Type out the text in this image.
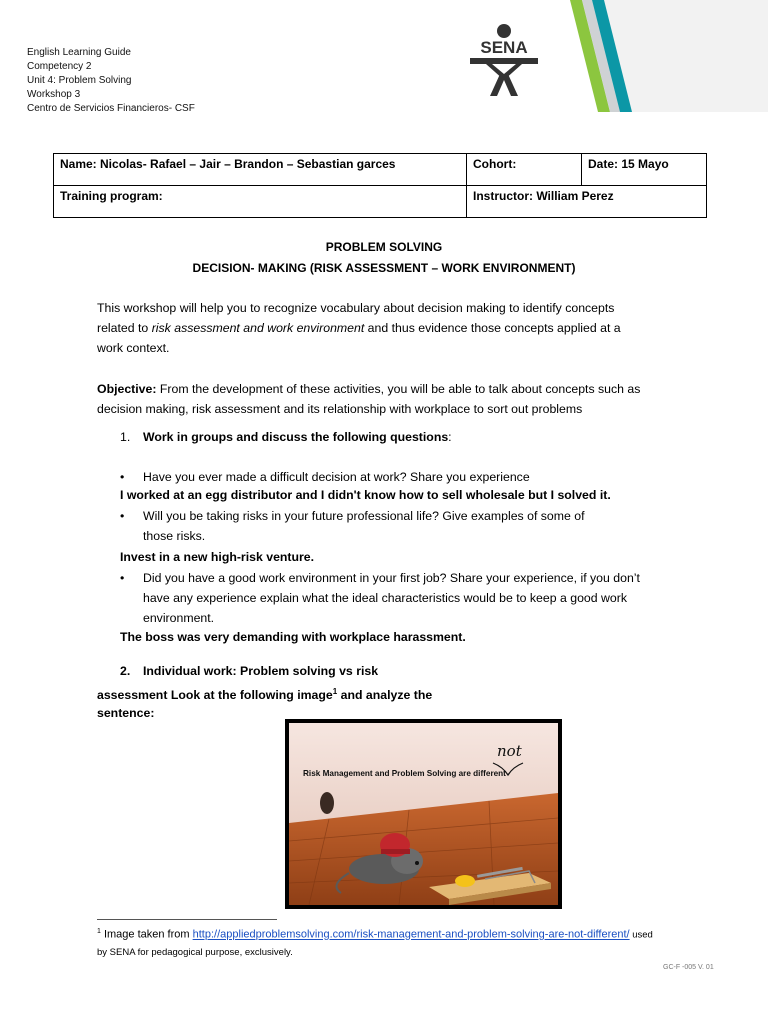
English Learning Guide
Competency 2
Unit 4: Problem Solving
Workshop 3
Centro de Servicios Financieros- CSF
SENA
Name: Nicolas- Rafael – Jair – Brandon – Sebastian garces	Cohort:	Date: 15 Mayo
Training program:	Instructor: William Perez	
PROBLEM SOLVING
DECISION- MAKING (RISK ASSESSMENT – WORK ENVIRONMENT)
This workshop will help you to recognize vocabulary about decision making to identify concepts related to risk assessment and work environment and thus evidence those concepts applied at a work context.
Objective: From the development of these activities, you will be able to talk about concepts such as decision making, risk assessment and its relationship with workplace to sort out problems
1. Work in groups and discuss the following questions:
• Have you ever made a difficult decision at work? Share you experience
I worked at an egg distributor and I didn't know how to sell wholesale but I solved it.
• Will you be taking risks in your future professional life? Give examples of some of those risks.
Invest in a new high-risk venture.
• Did you have a good work environment in your first job? Share your experience, if you don’t have any experience explain what the ideal characteristics would be to keep a good work environment.
The boss was very demanding with workplace harassment.
2. Individual work: Problem solving vs risk
assessment Look at the following image$^1$ and analyze the
sentence:
Risk Management and Problem Solving are different
not
$^1$ Image taken from http://appliedproblemsolving.com/risk-management-and-problem-solving-are-not-different/ used by SENA for pedagogical purpose, exclusively.
GC-F -005 V. 01
